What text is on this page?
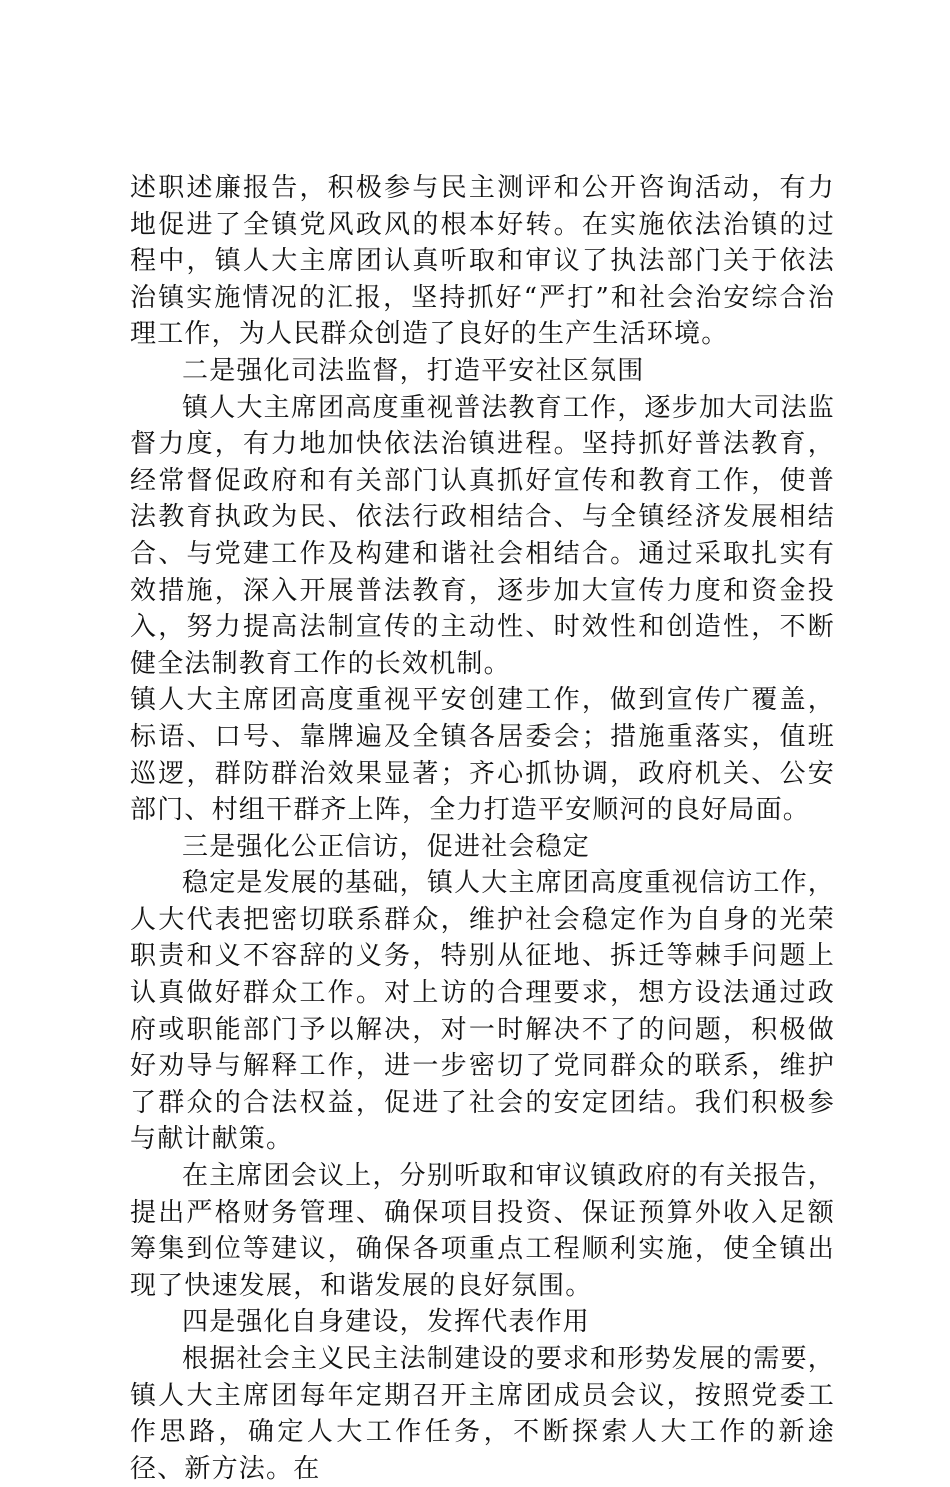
述职述廉报告，积极参与民主测评和公开咨询活动，有力地促进了全镇党风政风的根本好转。在实施依法治镇的过程中，镇人大主席团认真听取和审议了执法部门关于依法治镇实施情况的汇报，坚持抓好“严打”和社会治安综合治理工作，为人民群众创造了良好的生产生活环境。

二是强化司法监督，打造平安社区氛围

镇人大主席团高度重视普法教育工作，逐步加大司法监督力度，有力地加快依法治镇进程。坚持抓好普法教育，经常督促政府和有关部门认真抓好宣传和教育工作，使普法教育执政为民、依法行政相结合、与全镇经济发展相结合、与党建工作及构建和谐社会相结合。通过采取扎实有效措施，深入开展普法教育，逐步加大宣传力度和资金投入，努力提高法制宣传的主动性、时效性和创造性，不断健全法制教育工作的长效机制。

镇人大主席团高度重视平安创建工作，做到宣传广覆盖，标语、口号、靠牌遍及全镇各居委会；措施重落实，值班巡逻，群防群治效果显著；齐心抓协调，政府机关、公安部门、村组干群齐上阵，全力打造平安顺河的良好局面。

三是强化公正信访，促进社会稳定

稳定是发展的基础，镇人大主席团高度重视信访工作，人大代表把密切联系群众，维护社会稳定作为自身的光荣职责和义不容辞的义务，特别从征地、拆迁等棘手问题上认真做好群众工作。对上访的合理要求，想方设法通过政府或职能部门予以解决，对一时解决不了的问题，积极做好劝导与解释工作，进一步密切了党同群众的联系，维护了群众的合法权益，促进了社会的安定团结。我们积极参与献计献策。

在主席团会议上，分别听取和审议镇政府的有关报告，提出严格财务管理、确保项目投资、保证预算外收入足额筹集到位等建议，确保各项重点工程顺利实施，使全镇出现了快速发展，和谐发展的良好氛围。

四是强化自身建设，发挥代表作用

根据社会主义民主法制建设的要求和形势发展的需要，镇人大主席团每年定期召开主席团成员会议，按照党委工作思路，确定人大工作任务，不断探索人大工作的新途径、新方法。在
